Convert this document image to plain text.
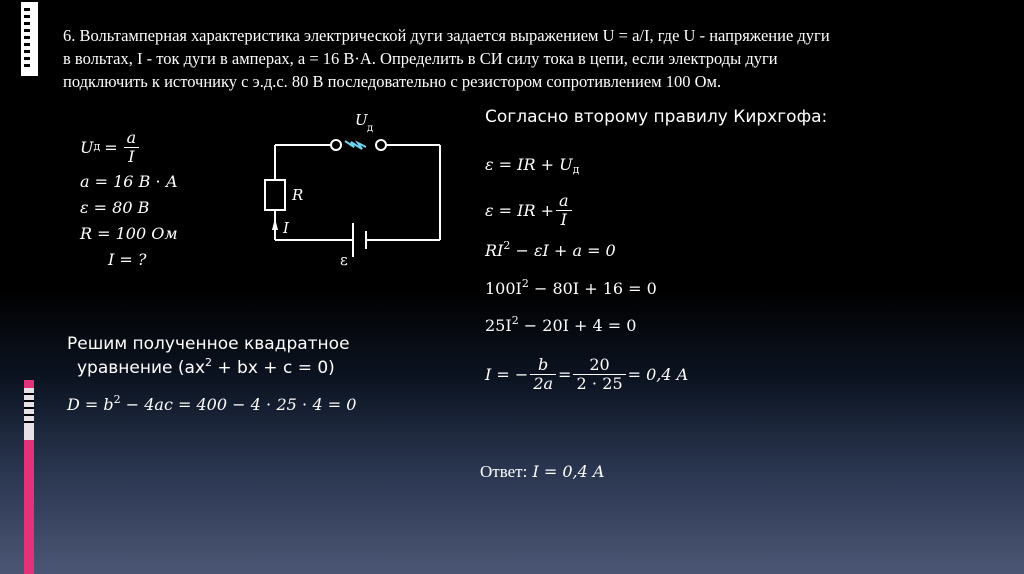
6. Вольтамперная характеристика электрической дуги задается выражением U = a/I, где U - напряжение дуги
в вольтах, I - ток дуги в амперах, a = 16 В·А. Определить в СИ силу тока в цепи, если электроды дуги
подключить к источнику с э.д.с. 80 В последовательно с резистором сопротивлением 100 Ом.
U $д = \frac{a}{I}$
a = 16 В ⋅ A
ε = 80 В
R = 100 Ом
I = ?
U д
R
I
ε
Согласно второму правилу Кирхгофа:
ε = IR + $U_д$
ε = IR + $\frac{a}{I}$
$RI^2 - \varepsilon I + a = 0$
$100I^2 - 80I + 16 = 0$
$25I^2 - 20I + 4 = 0$
I = − $\frac{b}{2a} = \frac{20}{2 \cdot 25} = 0,4$ A
Решим полученное квадратное
уравнение ($ax^2$ + bx + c = 0)
$D = b^2 - 4ac = 400 - 4 \cdot 25 \cdot 4 = 0$
Ответ: I = 0,4 A
